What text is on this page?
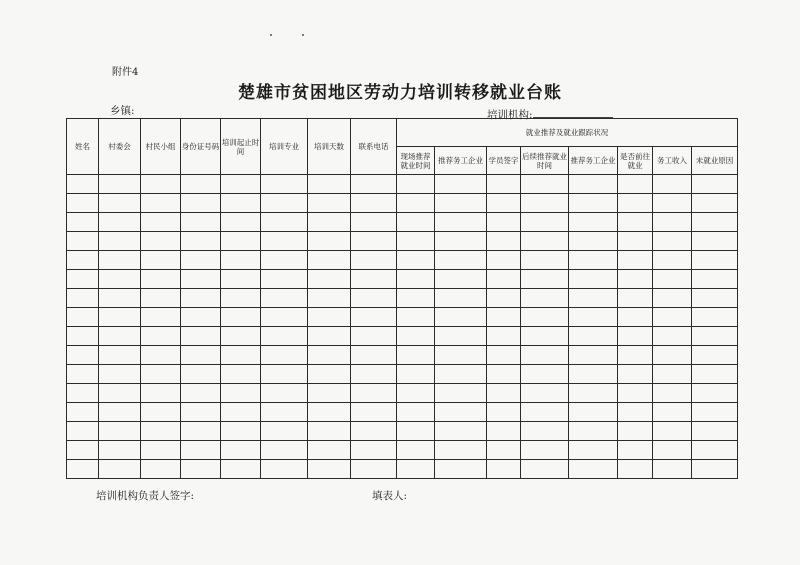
附件4
楚雄市贫困地区劳动力培训转移就业台账
乡镇:	培训机构:
姓名	村委会	村民小组	身份证号码	培训起止时间	培训专业	培训天数	联系电话	就业推荐及就业跟踪状况							
								现场推荐就业时间	推荐务工企业	学员签字	后续推荐就业时间	推荐务工企业	是否前往就业	务工收入	未就业原因

培训机构负责人签字:	填表人:
